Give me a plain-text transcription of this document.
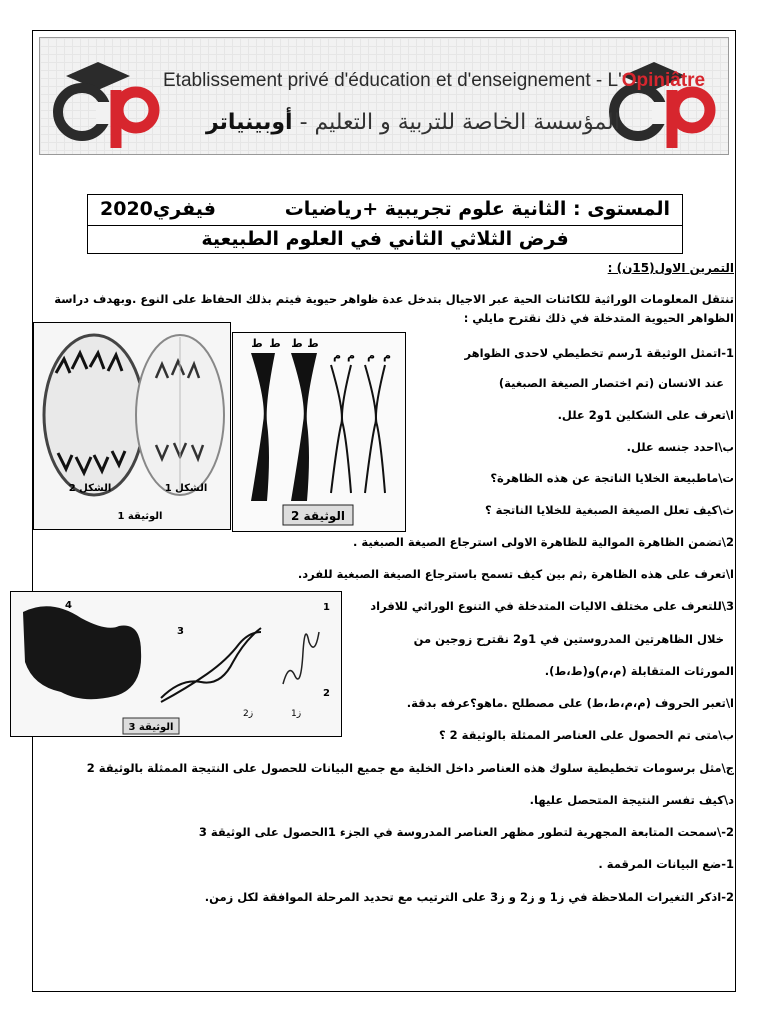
Etablissement privé d'éducation et d'enseignement - L'Opiniâtre
المؤسسة الخاصة للتربية و التعليم - أوبينياتر
المستوى : الثانية علوم تجريبية +رياضيات
فيفري2020
فرض الثلاثي الثاني في العلوم الطبيعية
التمرين الاول(15ن) :
تنتقل المعلومات الوراثية للكائنات الحية عبر الاجيال بتدخل عدة ظواهر حيوية فيتم بذلك الحفاظ على النوع .وبهدف دراسة
الظواهر الحيوية المتدخلة في ذلك نقترح مايلي :
1-اتمثل الوثيقة 1رسم تخطيطي لاحدى الظواهر
عند الانسان (تم اختصار الصيغة الصبغية)
ا\تعرف على الشكلين 1و2 علل.
ب\احدد جنسه علل.
ت\ماطبيعة الخلايا الناتجة عن هذه الظاهرة؟
ث\كيف تعلل الصيغة الصبغية للخلايا الناتجة ؟
2\تضمن الظاهرة الموالية للظاهرة الاولى استرجاع الصيغة الصبغية .
ا\تعرف على هذه الظاهرة ,ثم بين كيف تسمح باسترجاع الصيغة الصبغية للفرد.
3\للتعرف على مختلف الاليات المتدخلة في التنوع الوراثي للافراد
خلال الظاهرتين المدروستين في 1و2 نقترح زوجين من
المورثات المتقابلة (م،م)و(ط،ط).
ا\تعبر الحروف (م،م،ط،ط) على مصطلح .ماهو؟عرفه بدقة.
ب\متى تم الحصول على العناصر الممثلة بالوثيقة 2 ؟
ج\مثل برسومات تخطيطية سلوك هذه العناصر داخل الخلية مع جميع البيانات للحصول على النتيجة الممثلة بالوثيقة 2
د\كيف تفسر النتيجة المتحصل عليها.
2-\سمحت المتابعة المجهرية لتطور مظهر العناصر المدروسة في الجزء 1الحصول على الوثيقة 3
1-ضع البيانات المرقمة .
2-اذكر التغيرات الملاحظة في ز1 و ز2 و ز3 على الترتيب مع تحديد المرحلة الموافقة لكل زمن.
الشكل 2	الشكل 1
الوثيقة 1
ط ط ط ط
م م م م
الوثيقة 2
4
3
1
2
ز2	ز1
الوثيقة 3
